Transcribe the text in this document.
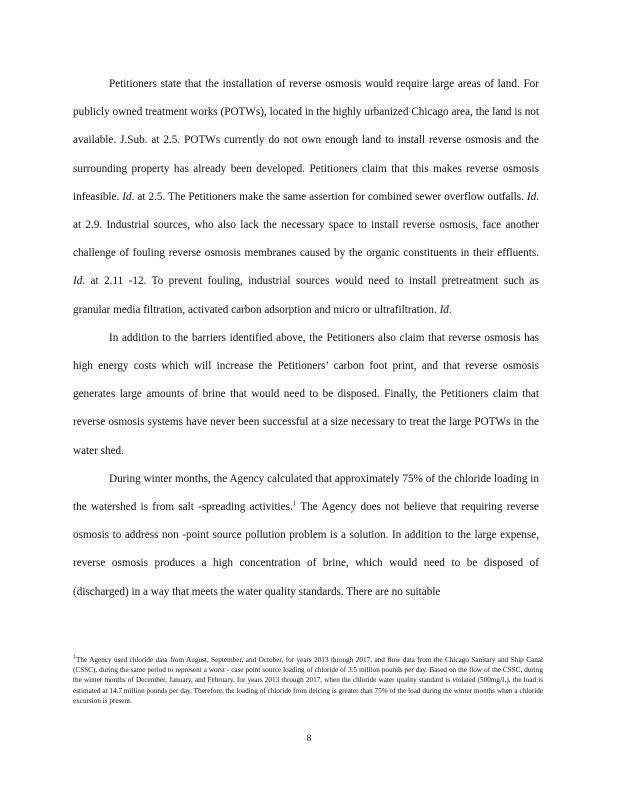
Petitioners state that the installation of reverse osmosis would require large areas of land. For publicly owned treatment works (POTWs), located in the highly urbanized Chicago area, the land is not available. J.Sub. at 2.5. POTWs currently do not own enough land to install reverse osmosis and the surrounding property has already been developed. Petitioners claim that this makes reverse osmosis infeasible. Id. at 2.5. The Petitioners make the same assertion for combined sewer overflow outfalls. Id. at 2.9. Industrial sources, who also lack the necessary space to install reverse osmosis, face another challenge of fouling reverse osmosis membranes caused by the organic constituents in their effluents. Id. at 2.11 -12. To prevent fouling, industrial sources would need to install pretreatment such as granular media filtration, activated carbon adsorption and micro or ultrafiltration. Id.

In addition to the barriers identified above, the Petitioners also claim that reverse osmosis has high energy costs which will increase the Petitioners’ carbon foot print, and that reverse osmosis generates large amounts of brine that would need to be disposed. Finally, the Petitioners claim that reverse osmosis systems have never been successful at a size necessary to treat the large POTWs in the water shed.

During winter months, the Agency calculated that approximately 75% of the chloride loading in the watershed is from salt -spreading activities.$^1$ The Agency does not believe that requiring reverse osmosis to address non -point source pollution problem is a solution. In addition to the large expense, reverse osmosis produces a high concentration of brine, which would need to be disposed of (discharged) in a way that meets the water quality standards. There are no suitable

$^1$The Agency used chloride data from August, September, and October, for years 2013 through 2017, and flow data from the Chicago Sanitary and Ship Canal (CSSC), during the same period to represent a worst - case point source loading of chloride of 3.5 million pounds per day. Based on the flow of the CSSC, during the winter months of December, January, and February, for years 2013 through 2017, when the chloride water quality standard is violated (500mg/L), the load is estimated at 14.7 million pounds per day. Therefore, the loading of chloride from deicing is greater than 75% of the load during the winter months when a chloride excursion is present.

8
